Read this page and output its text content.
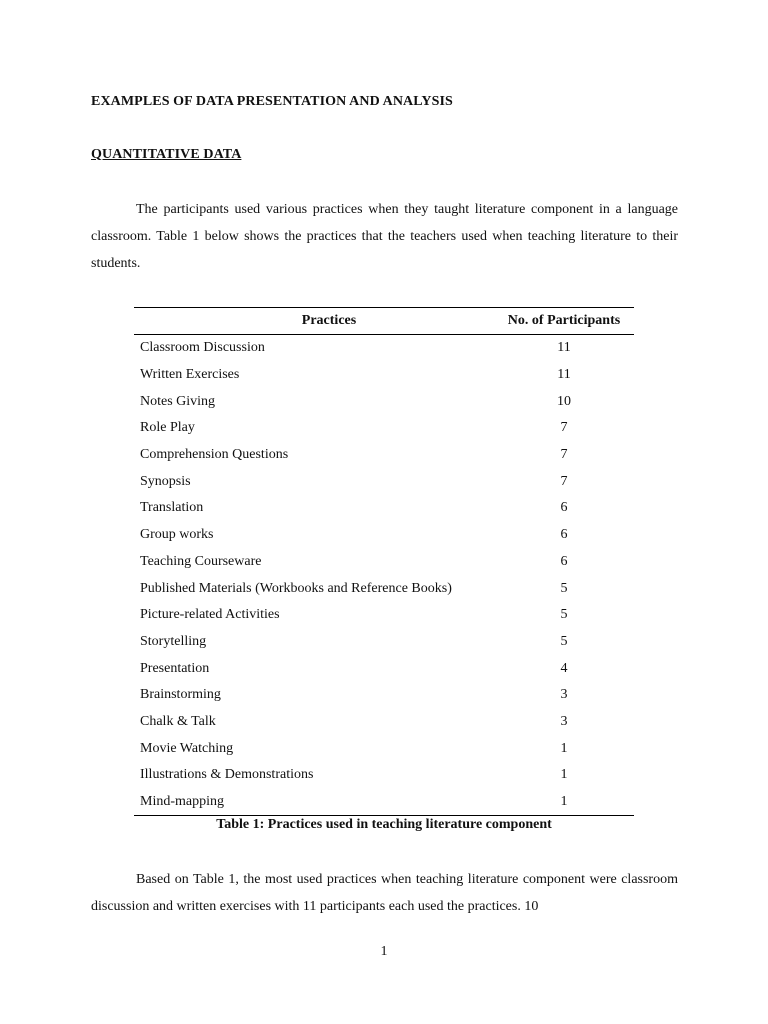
EXAMPLES OF DATA PRESENTATION AND ANALYSIS

QUANTITATIVE DATA

The participants used various practices when they taught literature component in a language classroom. Table 1 below shows the practices that the teachers used when teaching literature to their students.

Practices	No. of Participants
Classroom Discussion	11
Written Exercises	11
Notes Giving	10
Role Play	7
Comprehension Questions	7
Synopsis	7
Translation	6
Group works	6
Teaching Courseware	6
Published Materials (Workbooks and Reference Books)	5
Picture-related Activities	5
Storytelling	5
Presentation	4
Brainstorming	3
Chalk & Talk	3
Movie Watching	1
Illustrations & Demonstrations	1
Mind-mapping	1

Table 1: Practices used in teaching literature component

Based on Table 1, the most used practices when teaching literature component were classroom discussion and written exercises with 11 participants each used the practices. 10

1
